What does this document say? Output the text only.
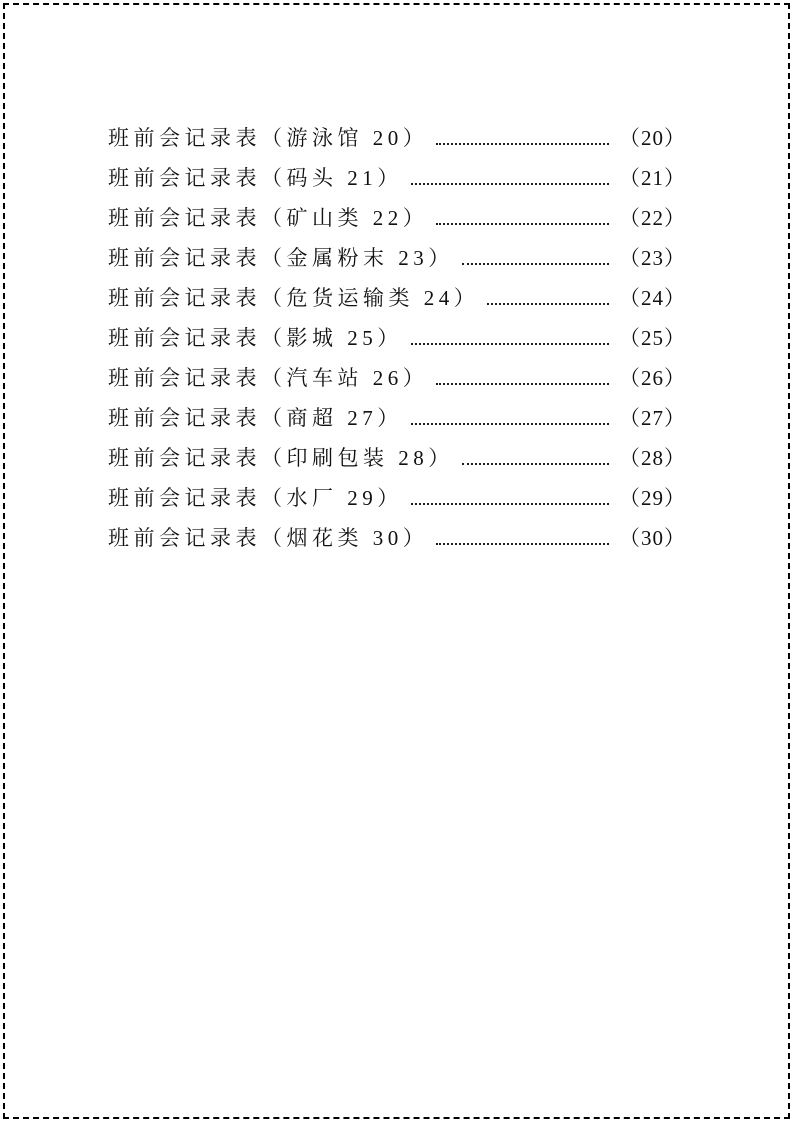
班前会记录表（游泳馆 20）	（20）
班前会记录表（码头 21）	（21）
班前会记录表（矿山类 22）	（22）
班前会记录表（金属粉末 23）	（23）
班前会记录表（危货运输类 24）	（24）
班前会记录表（影城 25）	（25）
班前会记录表（汽车站 26）	（26）
班前会记录表（商超 27）	（27）
班前会记录表（印刷包装 28）	（28）
班前会记录表（水厂 29）	（29）
班前会记录表（烟花类 30）	（30）
